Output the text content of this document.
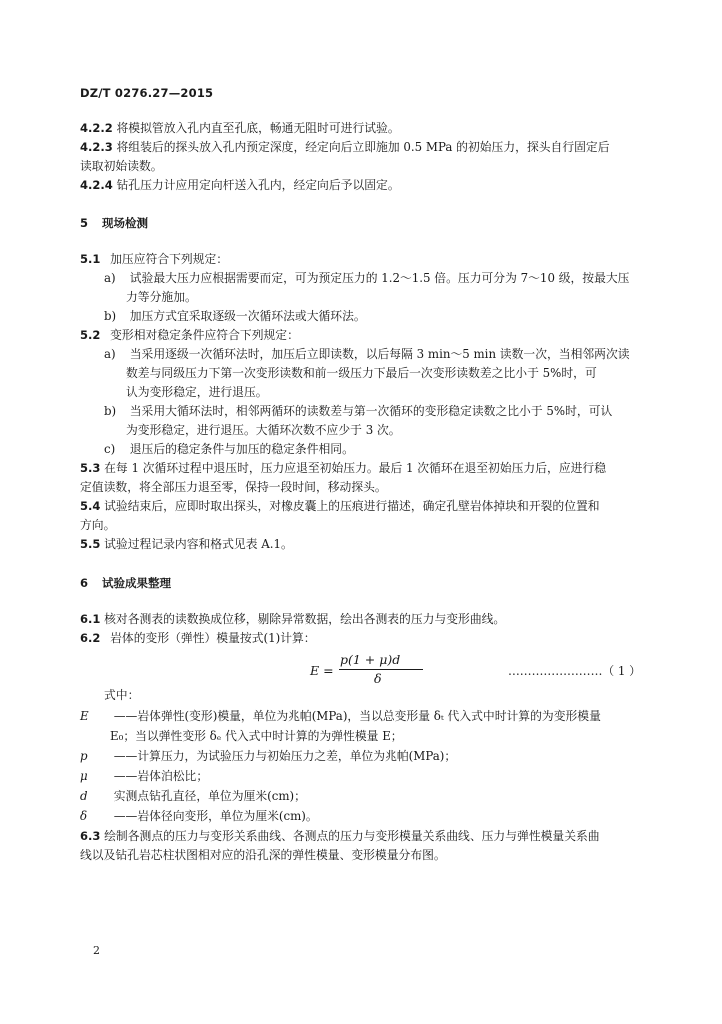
DZ/T 0276.27—2015
4.2.2 将模拟管放入孔内直至孔底，畅通无阻时可进行试验。
4.2.3 将组装后的探头放入孔内预定深度，经定向后立即施加 0.5 MPa 的初始压力，探头自行固定后
读取初始读数。
4.2.4 钻孔压力计应用定向杆送入孔内，经定向后予以固定。
5 现场检测
5.1 加压应符合下列规定：
a) 试验最大压力应根据需要而定，可为预定压力的 1.2～1.5 倍。压力可分为 7～10 级，按最大压
力等分施加。
b) 加压方式宜采取逐级一次循环法或大循环法。
5.2 变形相对稳定条件应符合下列规定：
a) 当采用逐级一次循环法时，加压后立即读数，以后每隔 3 min～5 min 读数一次，当相邻两次读
数差与同级压力下第一次变形读数和前一级压力下最后一次变形读数差之比小于 5%时，可
认为变形稳定，进行退压。
b) 当采用大循环法时，相邻两循环的读数差与第一次循环的变形稳定读数之比小于 5%时，可认
为变形稳定，进行退压。大循环次数不应少于 3 次。
c) 退压后的稳定条件与加压的稳定条件相同。
5.3 在每 1 次循环过程中退压时，压力应退至初始压力。最后 1 次循环在退至初始压力后，应进行稳
定值读数，将全部压力退至零，保持一段时间，移动探头。
5.4 试验结束后，应即时取出探头，对橡皮囊上的压痕进行描述，确定孔壁岩体掉块和开裂的位置和
方向。
5.5 试验过程记录内容和格式见表 A.1。
6 试验成果整理
6.1 核对各测表的读数换成位移，剔除异常数据，绘出各测表的压力与变形曲线。
6.2 岩体的变形（弹性）模量按式(1)计算：
E =
p(1 + μ)d
δ	……………………（ 1 ）
式中：
E ——岩体弹性(变形)模量，单位为兆帕(MPa)，当以总变形量 δₜ 代入式中时计算的为变形模量
E₀；当以弹性变形 δₑ 代入式中时计算的为弹性模量 E；
p ——计算压力，为试验压力与初始压力之差，单位为兆帕(MPa)；
μ ——岩体泊松比；
d 实测点钻孔直径，单位为厘米(cm)；
δ ——岩体径向变形，单位为厘米(cm)。
6.3 绘制各测点的压力与变形关系曲线、各测点的压力与变形模量关系曲线、压力与弹性模量关系曲
线以及钻孔岩芯柱状图相对应的沿孔深的弹性模量、变形模量分布图。
2
